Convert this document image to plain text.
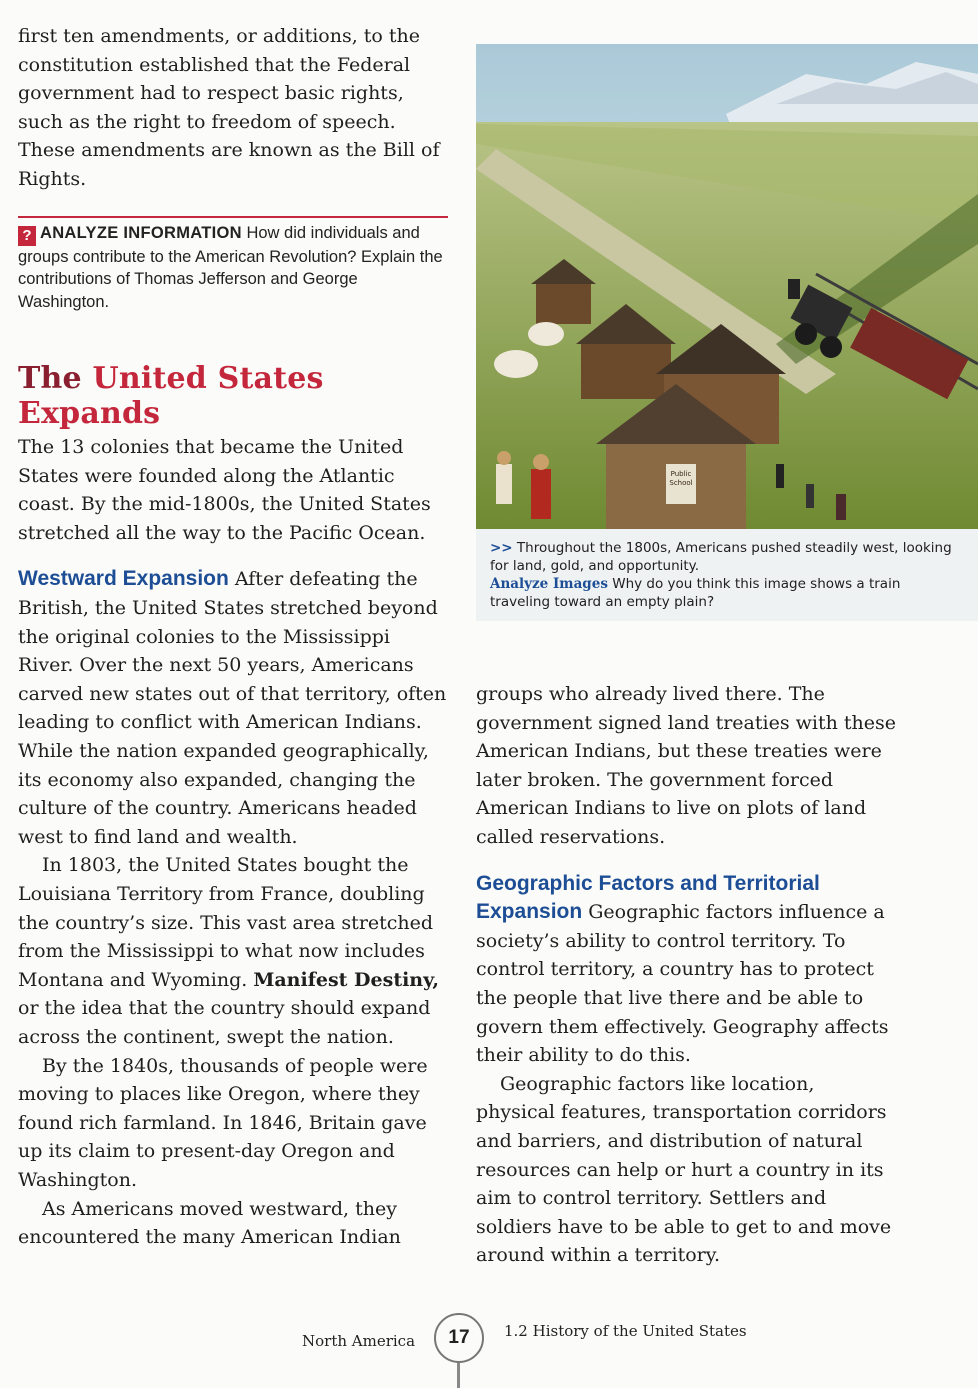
first ten amendments, or additions, to the constitution established that the Federal government had to respect basic rights, such as the right to freedom of speech. These amendments are known as the Bill of Rights.

? ANALYZE INFORMATION How did individuals and groups contribute to the American Revolution? Explain the contributions of Thomas Jefferson and George Washington.
The United States Expands

The 13 colonies that became the United States were founded along the Atlantic coast. By the mid-1800s, the United States stretched all the way to the Pacific Ocean.

Westward Expansion After defeating the British, the United States stretched beyond the original colonies to the Mississippi River. Over the next 50 years, Americans carved new states out of that territory, often leading to conflict with American Indians. While the nation expanded geographically, its economy also expanded, changing the culture of the country. Americans headed west to find land and wealth.

In 1803, the United States bought the Louisiana Territory from France, doubling the country’s size. This vast area stretched from the Mississippi to what now includes Montana and Wyoming. Manifest Destiny, or the idea that the country should expand across the continent, swept the nation.

By the 1840s, thousands of people were moving to places like Oregon, where they found rich farmland. In 1846, Britain gave up its claim to present-day Oregon and Washington.

As Americans moved westward, they encountered the many American Indian

Public
School
>> Throughout the 1800s, Americans pushed steadily west, looking for land, gold, and opportunity.
Analyze Images Why do you think this image shows a train traveling toward an empty plain?

groups who already lived there. The government signed land treaties with these American Indians, but these treaties were later broken. The government forced American Indians to live on plots of land called reservations.

Geographic Factors and Territorial Expansion Geographic factors influence a society’s ability to control territory. To control territory, a country has to protect the people that live there and be able to govern them effectively. Geography affects their ability to do this.

Geographic factors like location, physical features, transportation corridors and barriers, and distribution of natural resources can help or hurt a country in its aim to control territory. Settlers and soldiers have to be able to get to and move around within a territory.

North America	17	1.2 History of the United States
